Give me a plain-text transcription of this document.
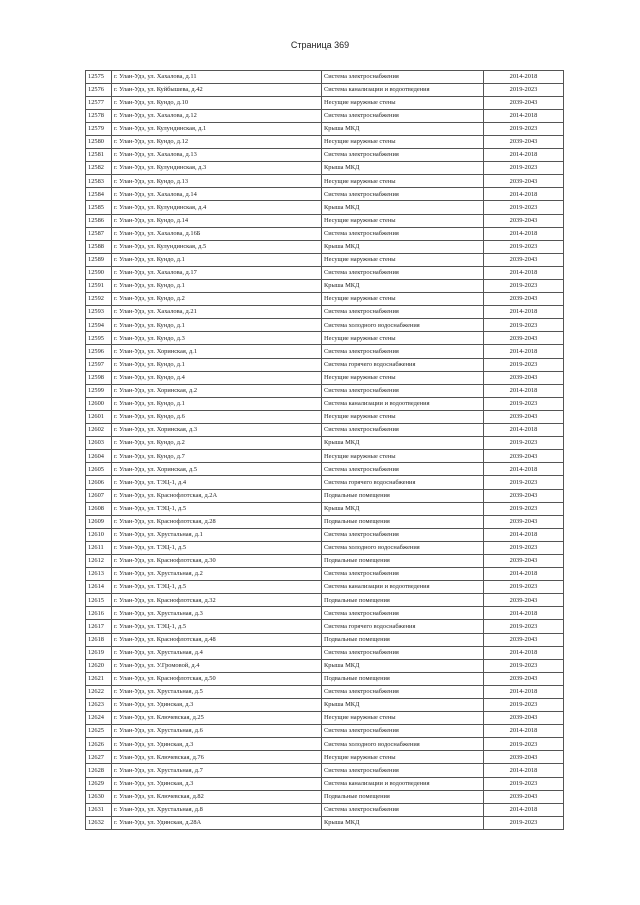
Страница 369
12575	г. Улан-Удэ, ул. Хахалова, д.11	Система электроснабжения	2014-2018
12576	г. Улан-Удэ, ул. Куйбышева, д.42	Система канализации и водоотведения	2019-2023
12577	г. Улан-Удэ, ул. Кундо, д.10	Несущие наружные стены	2039-2043
12578	г. Улан-Удэ, ул. Хахалова, д.12	Система электроснабжения	2014-2018
12579	г. Улан-Удэ, ул. Кулундинская, д.1	Крыша МКД	2019-2023
12580	г. Улан-Удэ, ул. Кундо, д.12	Несущие наружные стены	2039-2043
12581	г. Улан-Удэ, ул. Хахалова, д.13	Система электроснабжения	2014-2018
12582	г. Улан-Удэ, ул. Кулундинская, д.3	Крыша МКД	2019-2023
12583	г. Улан-Удэ, ул. Кундо, д.13	Несущие наружные стены	2039-2043
12584	г. Улан-Удэ, ул. Хахалова, д.14	Система электроснабжения	2014-2018
12585	г. Улан-Удэ, ул. Кулундинская, д.4	Крыша МКД	2019-2023
12586	г. Улан-Удэ, ул. Кундо, д.14	Несущие наружные стены	2039-2043
12587	г. Улан-Удэ, ул. Хахалова, д.16Б	Система электроснабжения	2014-2018
12588	г. Улан-Удэ, ул. Кулундинская, д.5	Крыша МКД	2019-2023
12589	г. Улан-Удэ, ул. Кундо, д.1	Несущие наружные стены	2039-2043
12590	г. Улан-Удэ, ул. Хахалова, д.17	Система электроснабжения	2014-2018
12591	г. Улан-Удэ, ул. Кундо, д.1	Крыша МКД	2019-2023
12592	г. Улан-Удэ, ул. Кундо, д.2	Несущие наружные стены	2039-2043
12593	г. Улан-Удэ, ул. Хахалова, д.21	Система электроснабжения	2014-2018
12594	г. Улан-Удэ, ул. Кундо, д.1	Система холодного водоснабжения	2019-2023
12595	г. Улан-Удэ, ул. Кундо, д.3	Несущие наружные стены	2039-2043
12596	г. Улан-Удэ, ул. Хоринская, д.1	Система электроснабжения	2014-2018
12597	г. Улан-Удэ, ул. Кундо, д.1	Система горячего водоснабжения	2019-2023
12598	г. Улан-Удэ, ул. Кундо, д.4	Несущие наружные стены	2039-2043
12599	г. Улан-Удэ, ул. Хоринская, д.2	Система электроснабжения	2014-2018
12600	г. Улан-Удэ, ул. Кундо, д.1	Система канализации и водоотведения	2019-2023
12601	г. Улан-Удэ, ул. Кундо, д.6	Несущие наружные стены	2039-2043
12602	г. Улан-Удэ, ул. Хоринская, д.3	Система электроснабжения	2014-2018
12603	г. Улан-Удэ, ул. Кундо, д.2	Крыша МКД	2019-2023
12604	г. Улан-Удэ, ул. Кундо, д.7	Несущие наружные стены	2039-2043
12605	г. Улан-Удэ, ул. Хоринская, д.5	Система электроснабжения	2014-2018
12606	г. Улан-Удэ, ул. ТЭЦ-1, д.4	Система горячего водоснабжения	2019-2023
12607	г. Улан-Удэ, ул. Краснофлотская, д.2А	Подвальные помещения	2039-2043
12608	г. Улан-Удэ, ул. ТЭЦ-1, д.5	Крыша МКД	2019-2023
12609	г. Улан-Удэ, ул. Краснофлотская, д.28	Подвальные помещения	2039-2043
12610	г. Улан-Удэ, ул. Хрустальная, д.1	Система электроснабжения	2014-2018
12611	г. Улан-Удэ, ул. ТЭЦ-1, д.5	Система холодного водоснабжения	2019-2023
12612	г. Улан-Удэ, ул. Краснофлотская, д.30	Подвальные помещения	2039-2043
12613	г. Улан-Удэ, ул. Хрустальная, д.2	Система электроснабжения	2014-2018
12614	г. Улан-Удэ, ул. ТЭЦ-1, д.5	Система канализации и водоотведения	2019-2023
12615	г. Улан-Удэ, ул. Краснофлотская, д.32	Подвальные помещения	2039-2043
12616	г. Улан-Удэ, ул. Хрустальная, д.3	Система электроснабжения	2014-2018
12617	г. Улан-Удэ, ул. ТЭЦ-1, д.5	Система горячего водоснабжения	2019-2023
12618	г. Улан-Удэ, ул. Краснофлотская, д.48	Подвальные помещения	2039-2043
12619	г. Улан-Удэ, ул. Хрустальная, д.4	Система электроснабжения	2014-2018
12620	г. Улан-Удэ, ул. У.Громовой, д.4	Крыша МКД	2019-2023
12621	г. Улан-Удэ, ул. Краснофлотская, д.50	Подвальные помещения	2039-2043
12622	г. Улан-Удэ, ул. Хрустальная, д.5	Система электроснабжения	2014-2018
12623	г. Улан-Удэ, ул. Удинская, д.3	Крыша МКД	2019-2023
12624	г. Улан-Удэ, ул. Ключевская, д.25	Несущие наружные стены	2039-2043
12625	г. Улан-Удэ, ул. Хрустальная, д.6	Система электроснабжения	2014-2018
12626	г. Улан-Удэ, ул. Удинская, д.3	Система холодного водоснабжения	2019-2023
12627	г. Улан-Удэ, ул. Ключевская, д.76	Несущие наружные стены	2039-2043
12628	г. Улан-Удэ, ул. Хрустальная, д.7	Система электроснабжения	2014-2018
12629	г. Улан-Удэ, ул. Удинская, д.3	Система канализации и водоотведения	2019-2023
12630	г. Улан-Удэ, ул. Ключевская, д.82	Подвальные помещения	2039-2043
12631	г. Улан-Удэ, ул. Хрустальная, д.8	Система электроснабжения	2014-2018
12632	г. Улан-Удэ, ул. Удинская, д.28А	Крыша МКД	2019-2023
